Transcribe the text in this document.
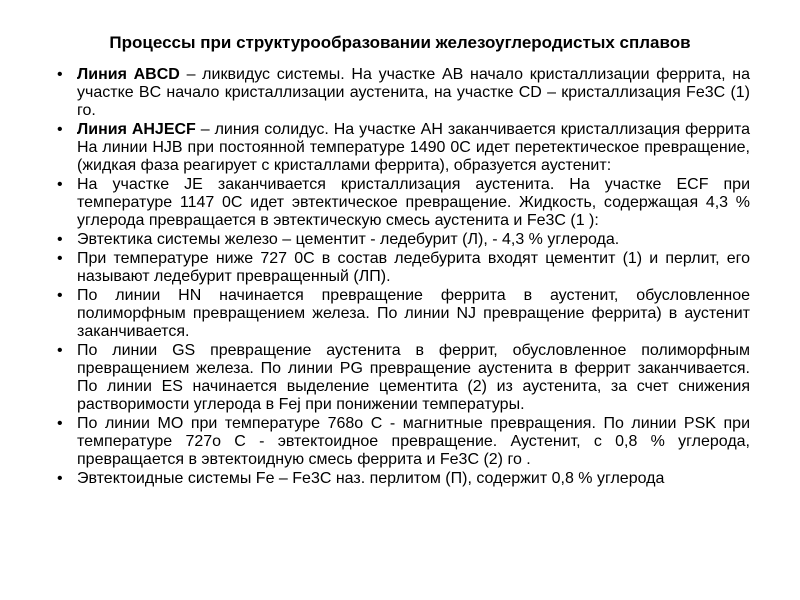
Процессы при структурообразовании железоуглеродистых сплавов
• Линия ABCD – ликвидус системы. На участке AB начало кристаллизации феррита, на участке BC начало кристаллизации аустенита, на участке CD – кристаллизация Fe3C (1) го.
• Линия AHJECF – линия солидус. На участке AH заканчивается кристаллизация феррита На линии HJB при постоянной температуре 1490 0C идет перетектическое превращение, (жидкая фаза реагирует с кристаллами феррита), образуется аустенит:
• На участке JE заканчивается кристаллизация аустенита. На участке ECF при температуре 1147 0C идет эвтектическое превращение. Жидкость, содержащая 4,3 % углерода превращается в эвтектическую смесь аустенита и Fe3C (1 ):
• Эвтектика системы железо – цементит - ледебурит (Л), - 4,3 % углерода.
• При температуре ниже 727 0C в состав ледебурита входят цементит (1) и перлит, его называют ледебурит превращенный (ЛП).
• По линии HN начинается превращение феррита в аустенит, обусловленное полиморфным превращением железа. По линии NJ превращение феррита) в аустенит заканчивается.
• По линии GS превращение аустенита в феррит, обусловленное полиморфным превращением железа. По линии PG превращение аустенита в феррит заканчивается. По линии ES начинается выделение цементита (2) из аустенита, за счет снижения растворимости углерода в Fej при понижении температуры.
• По линии МО при температуре 768о С - магнитные превращения. По линии PSK при температуре 727о С - эвтектоидное превращение. Аустенит, с 0,8 % углерода, превращается в эвтектоидную смесь феррита и Fe3C (2) го .
• Эвтектоидные системы Fe – Fe3C наз. перлитом (П), содержит 0,8 % углерода
